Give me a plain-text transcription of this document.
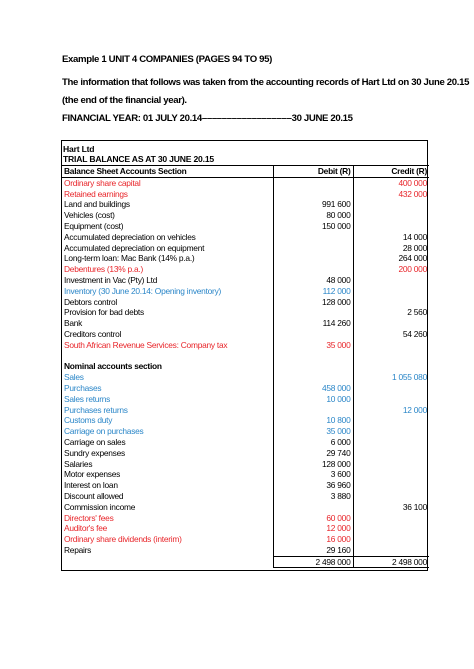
Example 1 UNIT 4 COMPANIES (PAGES 94 TO 95)
The information that follows was taken from the accounting records of Hart Ltd on 30 June 20.15
(the end of the financial year).
FINANCIAL YEAR: 01 JULY 20.14––––––––––––––––––30 JUNE 20.15
Hart Ltd
TRIAL BALANCE AS AT 30 JUNE 20.15
Balance Sheet Accounts Section	Debit (R)	Credit (R)
Ordinary share capital		400 000
Retained earnings		432 000
Land and buildings	991 600	
Vehicles (cost)	80 000	
Equipment (cost)	150 000	
Accumulated depreciation on vehicles		14 000
Accumulated depreciation on equipment		28 000
Long-term loan: Mac Bank (14% p.a.)		264 000
Debentures (13% p.a.)		200 000
Investment in Vac (Pty) Ltd	48 000	
Inventory (30 June 20.14: Opening inventory)	112 000	
Debtors control	128 000	
Provision for bad debts		2 560
Bank	114 260	
Creditors control		54 260
South African Revenue Services: Company tax	35 000	

Nominal accounts section		
Sales		1 055 080
Purchases	458 000	
Sales returns	10 000	
Purchases returns		12 000
Customs duty	10 800	
Carriage on purchases	35 000	
Carriage on sales	6 000	
Sundry expenses	29 740	
Salaries	128 000	
Motor expenses	3 600	
Interest on loan	36 960	
Discount allowed	3 880	
Commission income		36 100
Directors' fees	60 000	
Auditor's fee	12 000	
Ordinary share dividends (interim)	16 000	
Repairs	29 160	
	2 498 000	2 498 000
